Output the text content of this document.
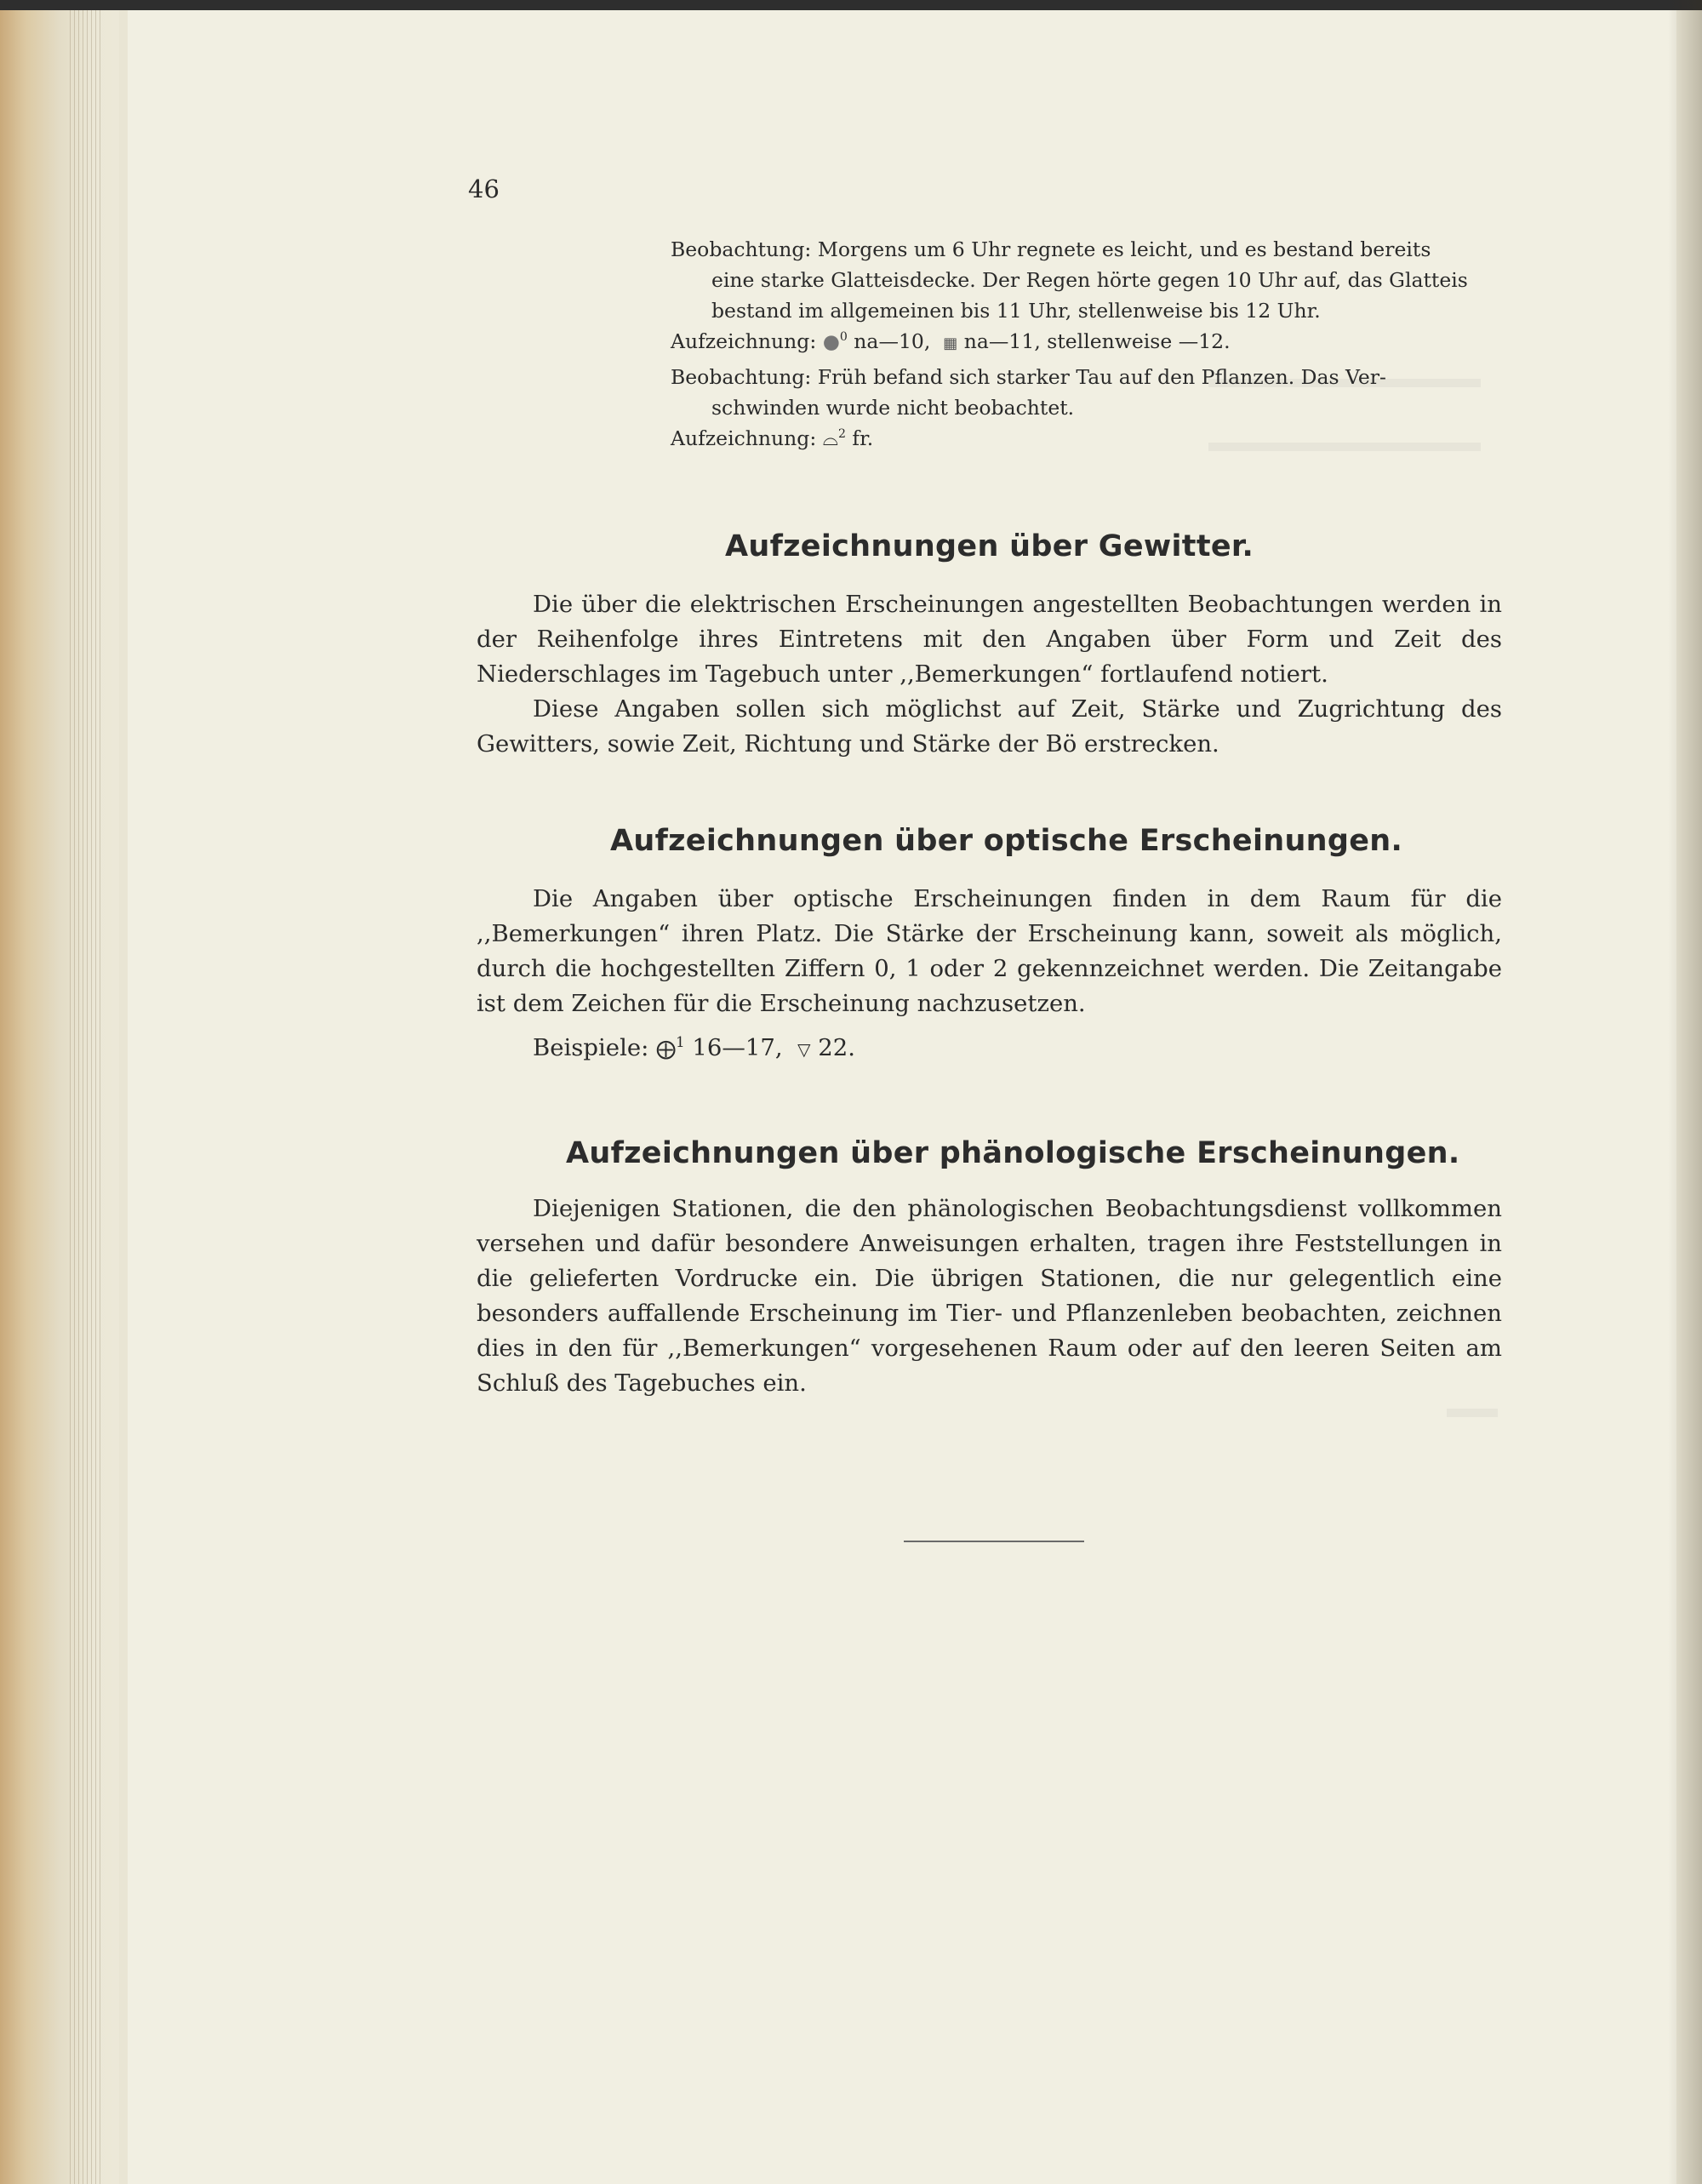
46
Beobachtung: Morgens um 6 Uhr regnete es leicht, und es bestand bereits
eine starke Glatteisdecke. Der Regen hörte gegen 10 Uhr auf, das Glatteis
bestand im allgemeinen bis 11 Uhr, stellenweise bis 12 Uhr.
Aufzeichnung: ●$^0$ na—10, ▦ na—11, stellenweise —12.
Beobachtung: Früh befand sich starker Tau auf den Pflanzen. Das Ver-
schwinden wurde nicht beobachtet.
Aufzeichnung: ⌓$^2$ fr.
Aufzeichnungen über Gewitter.

Die über die elektrischen Erscheinungen angestellten Beobachtungen werden in der Reihenfolge ihres Eintretens mit den Angaben über Form und Zeit des Niederschlages im Tagebuch unter ,,Bemerkungen“ fortlaufend notiert.

Diese Angaben sollen sich möglichst auf Zeit, Stärke und Zugrichtung des Gewitters, sowie Zeit, Richtung und Stärke der Bö erstrecken.

Aufzeichnungen über optische Erscheinungen.

Die Angaben über optische Erscheinungen finden in dem Raum für die ,,Bemerkungen“ ihren Platz. Die Stärke der Erscheinung kann, soweit als möglich, durch die hochgestellten Ziffern 0, 1 oder 2 gekennzeichnet werden. Die Zeitangabe ist dem Zeichen für die Erscheinung nachzusetzen.

Beispiele: ⨁$^1$ 16—17, ▽ 22.
Aufzeichnungen über phänologische Erscheinungen.

Diejenigen Stationen, die den phänologischen Beobachtungsdienst vollkommen versehen und dafür besondere Anweisungen erhalten, tragen ihre Feststellungen in die gelieferten Vordrucke ein. Die übrigen Stationen, die nur gelegentlich eine besonders auffallende Erscheinung im Tier- und Pflanzenleben beobachten, zeichnen dies in den für ,,Bemerkungen“ vorgesehenen Raum oder auf den leeren Seiten am Schluß des Tagebuches ein.
